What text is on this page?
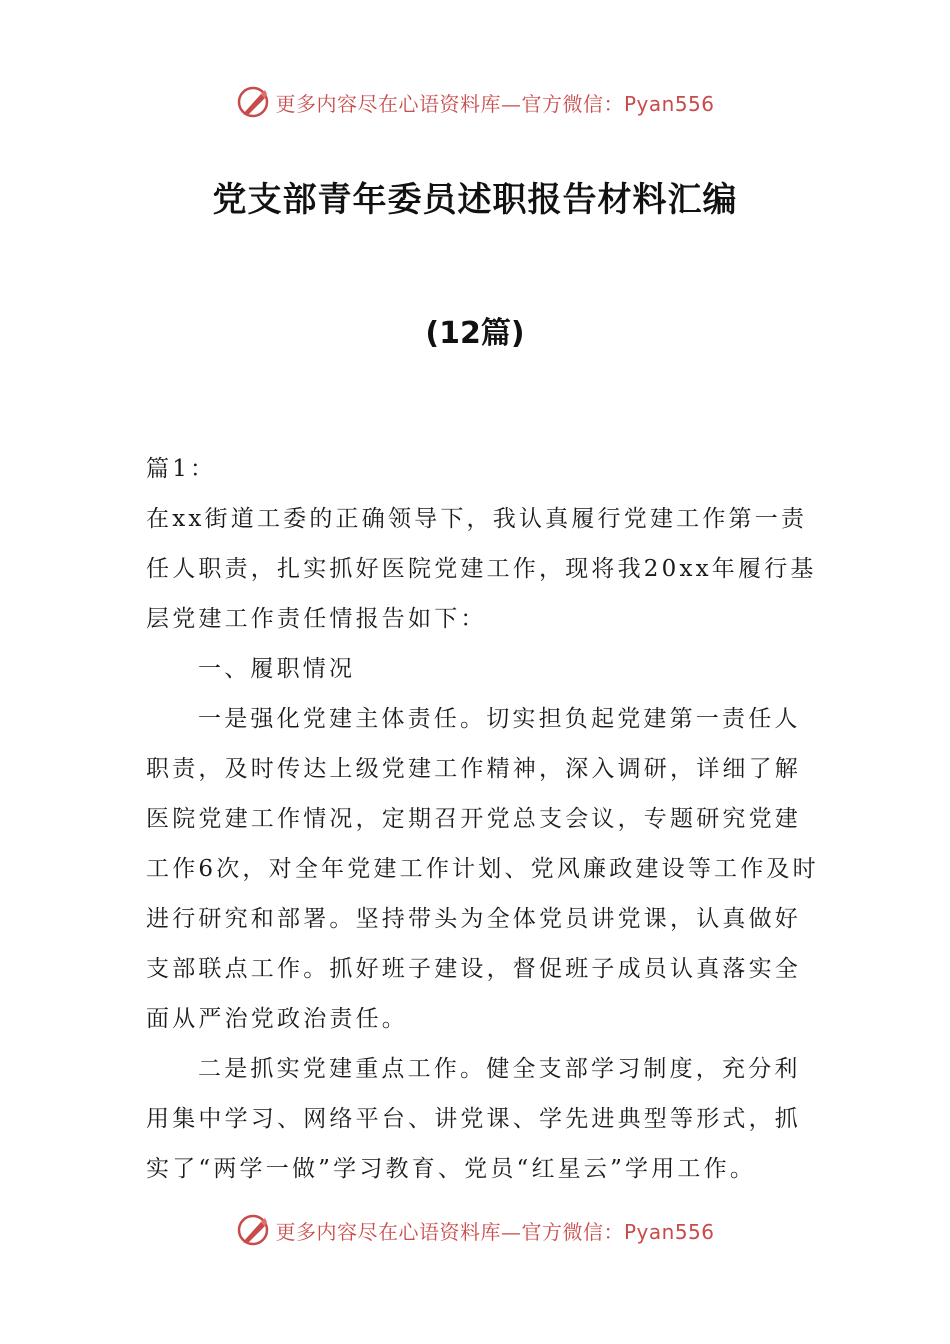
更多内容尽在心语资料库—官方微信：Pyan556
党支部青年委员述职报告材料汇编
(12篇)
篇1：
在xx街道工委的正确领导下，我认真履行党建工作第一责
任人职责，扎实抓好医院党建工作，现将我20xx年履行基
层党建工作责任情报告如下：
一、履职情况
一是强化党建主体责任。切实担负起党建第一责任人
职责，及时传达上级党建工作精神，深入调研，详细了解
医院党建工作情况，定期召开党总支会议，专题研究党建
工作6次，对全年党建工作计划、党风廉政建设等工作及时
进行研究和部署。坚持带头为全体党员讲党课，认真做好
支部联点工作。抓好班子建设，督促班子成员认真落实全
面从严治党政治责任。
二是抓实党建重点工作。健全支部学习制度，充分利
用集中学习、网络平台、讲党课、学先进典型等形式，抓
实了“两学一做”学习教育、党员“红星云”学用工作。
更多内容尽在心语资料库—官方微信：Pyan556
